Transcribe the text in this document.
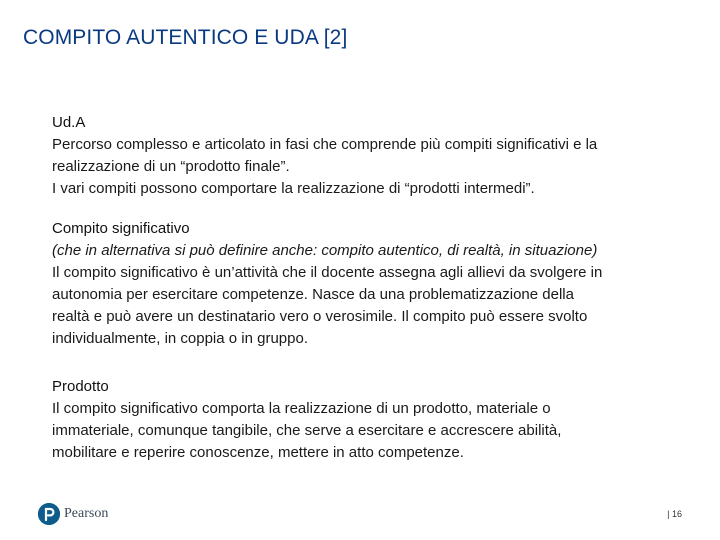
COMPITO AUTENTICO E UDA [2]
Ud.A
Percorso complesso e articolato in fasi che comprende più compiti significativi e la
realizzazione di un “prodotto finale”.
I vari compiti possono comportare la realizzazione di “prodotti intermedi”.
Compito significativo
(che in alternativa si può definire anche: compito autentico, di realtà, in situazione)
Il compito significativo è un’attività che il docente assegna agli allievi da svolgere in
autonomia per esercitare competenze. Nasce da una problematizzazione della
realtà e può avere un destinatario vero o verosimile. Il compito può essere svolto
individualmente, in coppia o in gruppo.
Prodotto
Il compito significativo comporta la realizzazione di un prodotto, materiale o
immateriale, comunque tangibile, che serve a esercitare e accrescere abilità,
mobilitare e reperire conoscenze, mettere in atto competenze.
Pearson	| 16
